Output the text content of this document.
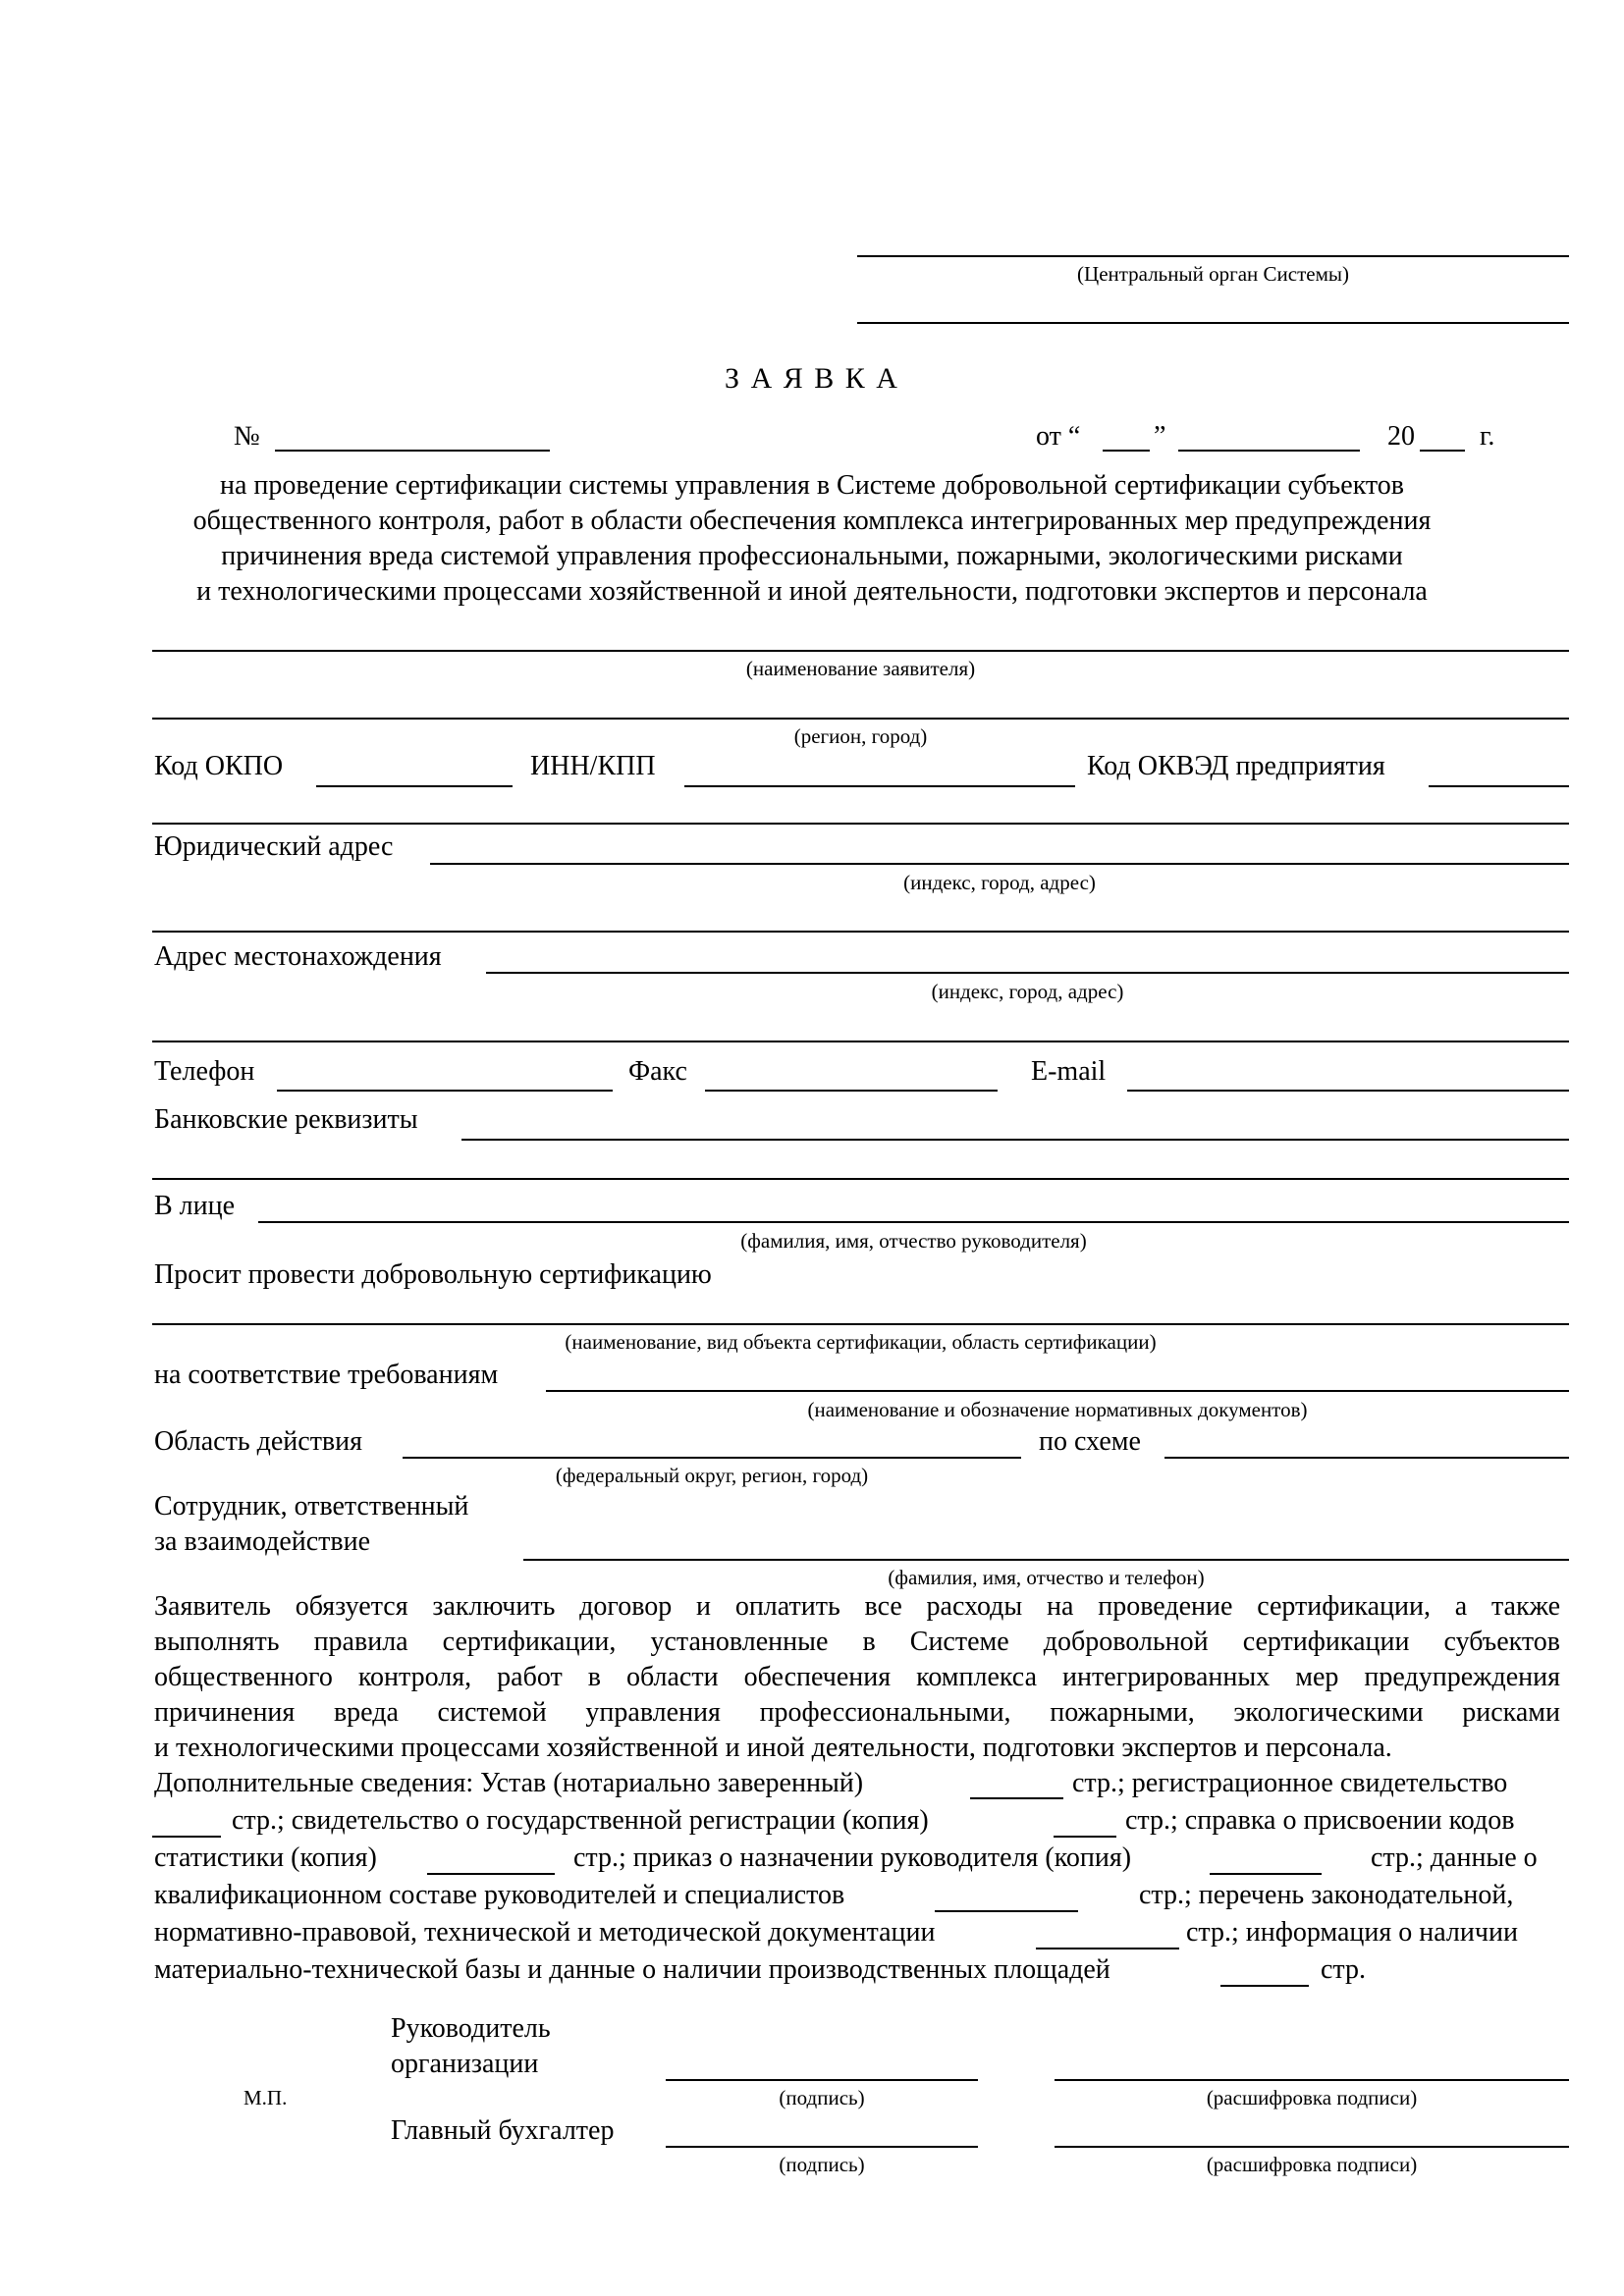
(Центральный орган Системы)
З А Я В К А
№	от “	”	20 г.
на проведение сертификации системы управления в Системе добровольной сертификации субъектов
общественного контроля, работ в области обеспечения комплекса интегрированных мер предупреждения
причинения вреда системой управления профессиональными, пожарными, экологическими рисками
и технологическими процессами хозяйственной и иной деятельности, подготовки экспертов и персонала
(наименование заявителя)
(регион, город)
Код ОКПО	ИНН/КПП	Код ОКВЭД предприятия
Юридический адрес
(индекс, город, адрес)
Адрес местонахождения
(индекс, город, адрес)
Телефон	Факс	E-mail
Банковские реквизиты
В лице
(фамилия, имя, отчество руководителя)
Просит провести добровольную сертификацию
(наименование, вид объекта сертификации, область сертификации)
на соответствие требованиям
(наименование и обозначение нормативных документов)
Область действия
(федеральный округ, регион, город)
по схеме
Сотрудник, ответственный
за взаимодействие
(фамилия, имя, отчество и телефон)
Заявитель обязуется заключить договор и оплатить все расходы на проведение сертификации, а также
выполнять правила сертификации, установленные в Системе добровольной сертификации субъектов
общественного контроля, работ в области обеспечения комплекса интегрированных мер предупреждения
причинения вреда системой управления профессиональными, пожарными, экологическими рисками
и технологическими процессами хозяйственной и иной деятельности, подготовки экспертов и персонала.
Дополнительные сведения: Устав (нотариально заверенный)	стр.; регистрационное свидетельство
стр.; свидетельство о государственной регистрации (копия)	стр.; справка о присвоении кодов
статистики (копия)	стр.; приказ о назначении руководителя (копия)	стр.; данные о
квалификационном составе руководителей и специалистов	стр.; перечень законодательной,
нормативно-правовой, технической и методической документации	стр.; информация о наличии
материально-технической базы и данные о наличии производственных площадей	стр.
Руководитель
организации
М.П.	(подпись)	(расшифровка подписи)
Главный бухгалтер
(подпись)	(расшифровка подписи)
